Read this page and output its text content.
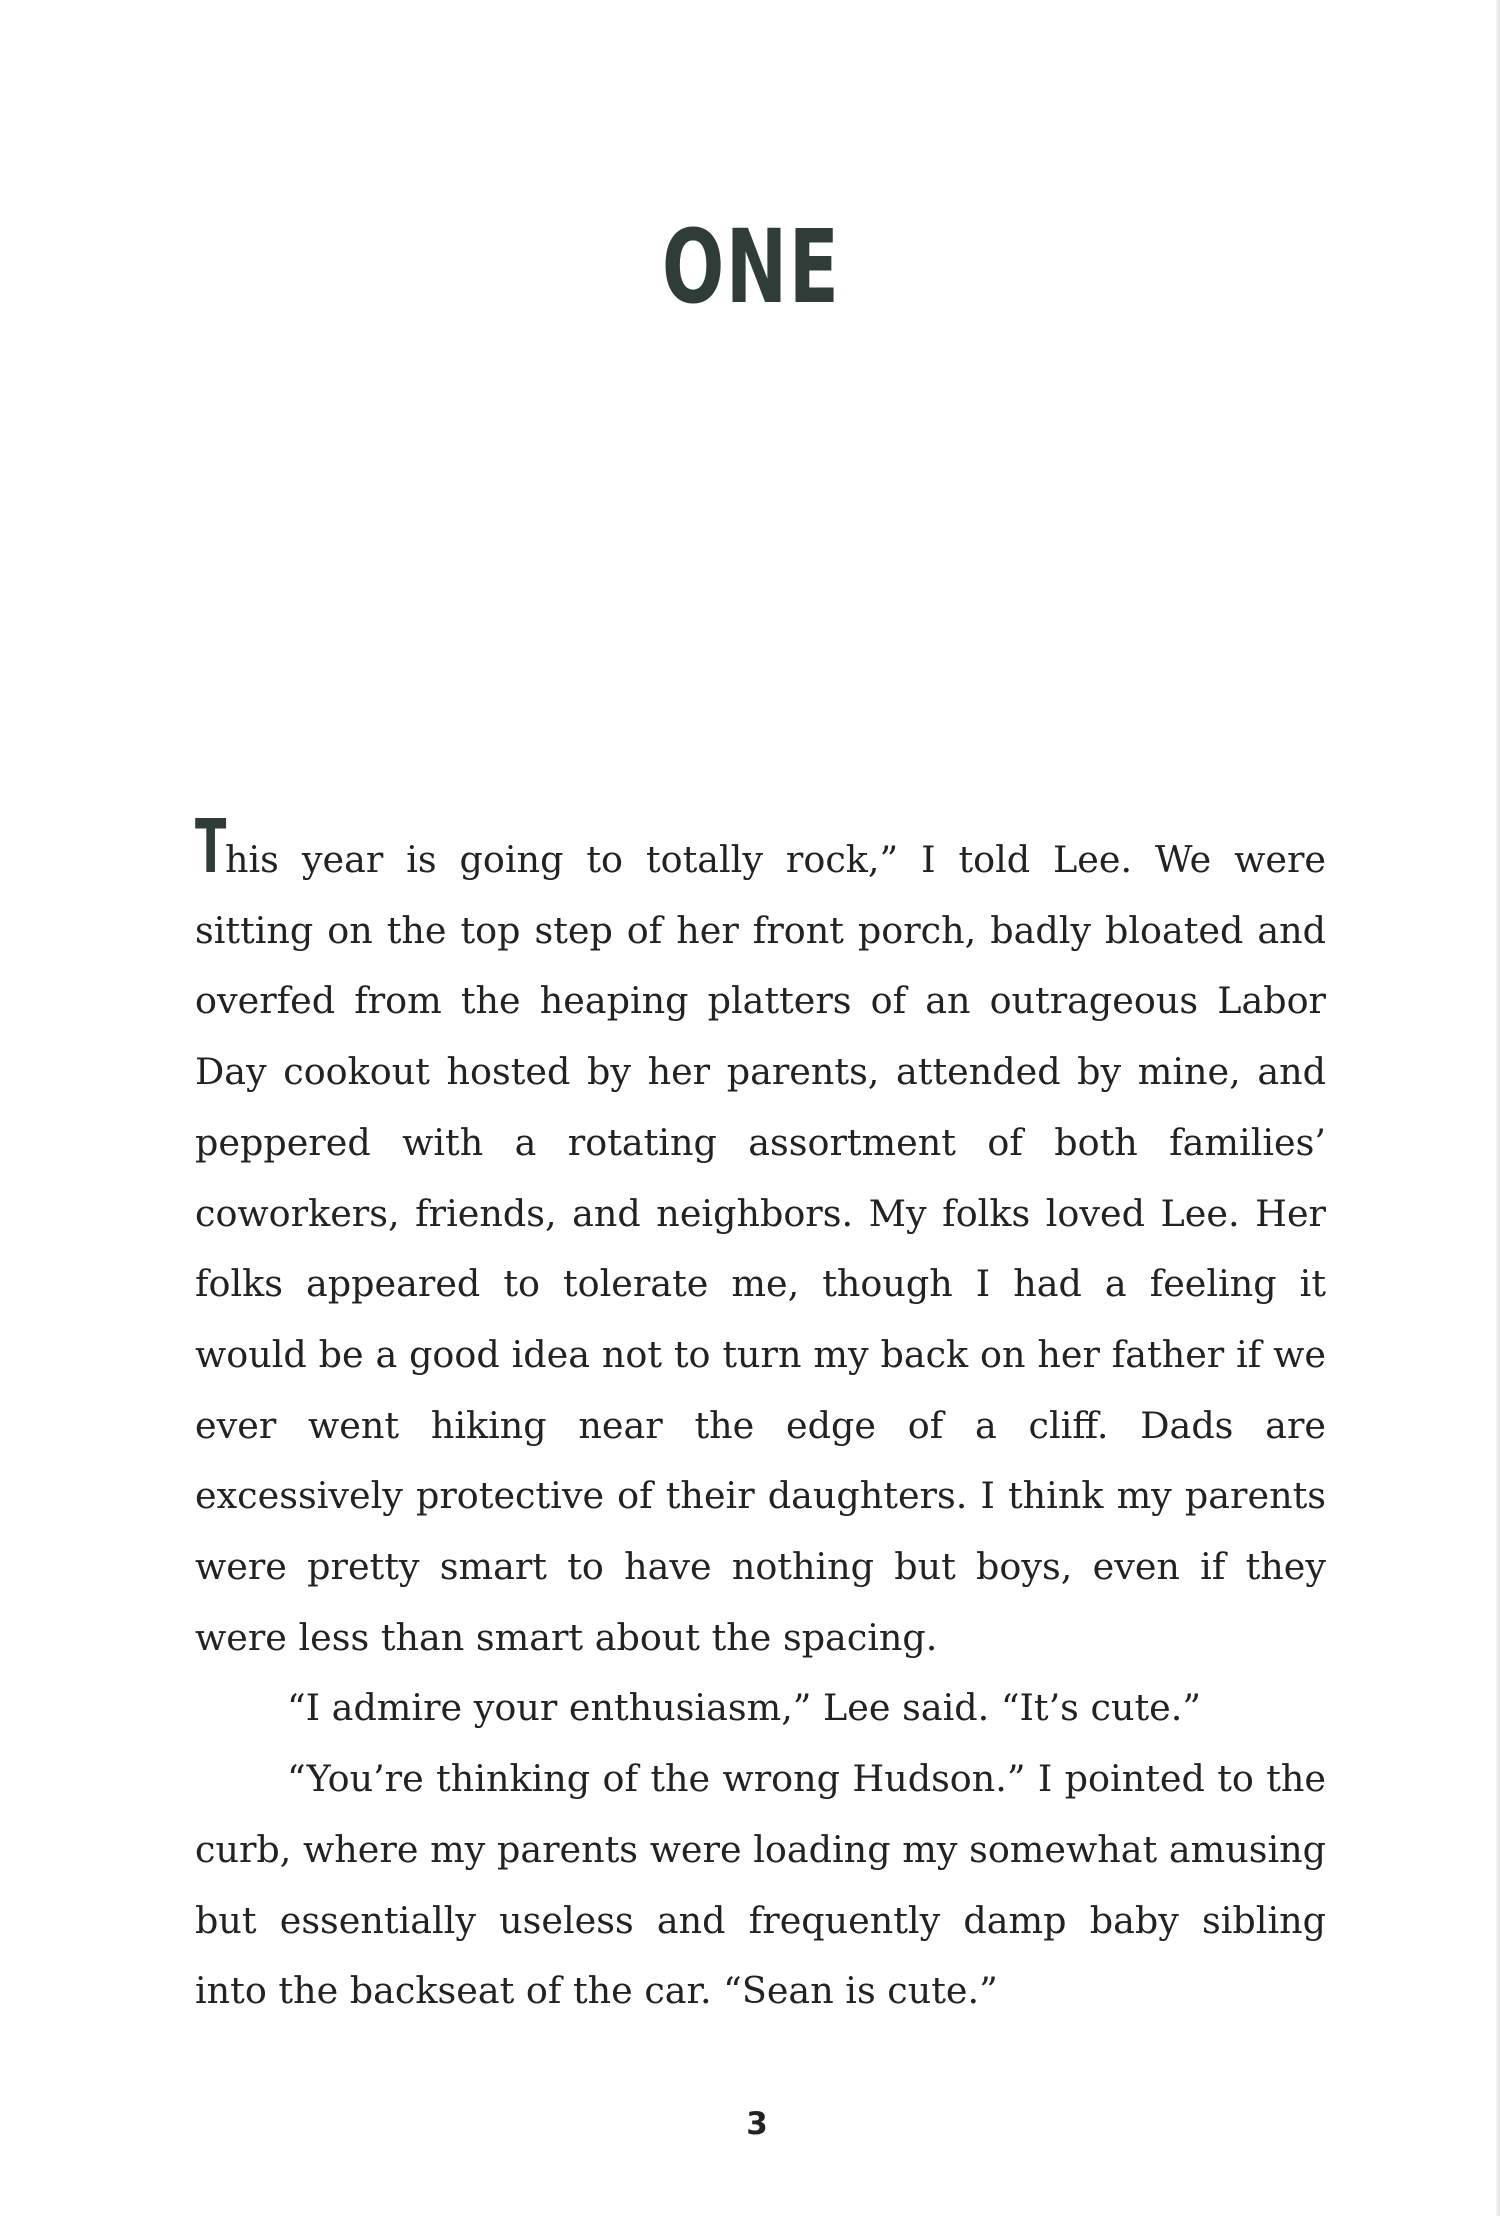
ONE

This year is going to totally rock,” I told Lee. We were sitting on the top step of her front porch, badly bloated and overfed from the heaping platters of an outrageous Labor Day cookout hosted by her parents, attended by mine, and peppered with a rotating assortment of both families’ coworkers, friends, and neighbors. My folks loved Lee. Her folks appeared to tolerate me, though I had a feeling it would be a good idea not to turn my back on her father if we ever went hiking near the edge of a cliff. Dads are excessively protective of their daughters. I think my parents were pretty smart to have nothing but boys, even if they were less than smart about the spacing.

“I admire your enthusiasm,” Lee said. “It’s cute.”

“You’re thinking of the wrong Hudson.” I pointed to the curb, where my parents were loading my somewhat amusing but essentially useless and frequently damp baby sibling into the backseat of the car. “Sean is cute.”

3
